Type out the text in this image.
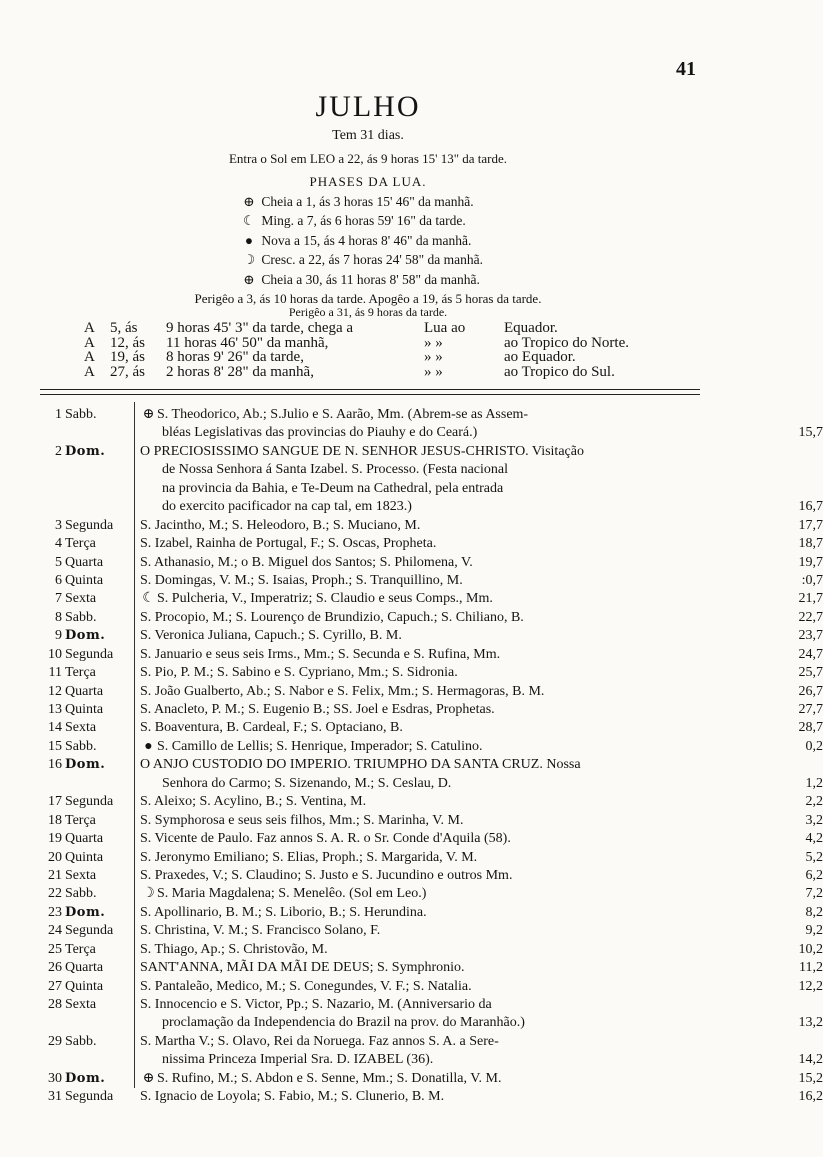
41
JULHO
Tem 31 dias.
Entra o Sol em LEO a 22, ás 9 horas 15' 13" da tarde.
PHASES DA LUA.
⊕ Cheia a 1, ás 3 horas 15' 46" da manhã.
☾ Ming. a 7, ás 6 horas 59' 16" da tarde.
● Nova a 15, ás 4 horas 8' 46" da manhã.
☽ Cresc. a 22, ás 7 horas 24' 58" da manhã.
⊕ Cheia a 30, ás 11 horas 8' 58" da manhã.
Perigêo a 3, ás 10 horas da tarde. Apogêo a 19, ás 5 horas da tarde.
Perigêo a 31, ás 9 horas da tarde.
A 5, ás 9 horas 45' 3" da tarde, chega a	Lua ao	Equador.
A 12, ás 11 horas 46' 50" da manhã,	» »	ao Tropico do Norte.
A 19, ás 8 horas 9' 26" da tarde,	» »	ao Equador.
A 27, ás 2 horas 8' 28" da manhã,	» »	ao Tropico do Sul.
1 Sabb.	⊕ S. Theodorico, Ab.; S.Julio e S. Aarão, Mm. (Abrem-se as Assem-
bléas Legislativas das provincias do Piauhy e do Ceará.)	15,7
2 Dom. O PRECIOSISSIMO SANGUE DE N. SENHOR JESUS-CHRISTO. Visitação
de Nossa Senhora á Santa Izabel. S. Processo. (Festa nacional
na provincia da Bahia, e Te-Deum na Cathedral, pela entrada
do exercito pacificador na cap tal, em 1823.)	16,7
3 Segunda S. Jacintho, M.; S. Heleodoro, B.; S. Muciano, M.	17,7
4 Terça	S. Izabel, Rainha de Portugal, F.; S. Oscas, Propheta.	18,7
5 Quarta	S. Athanasio, M.; o B. Miguel dos Santos; S. Philomena, V.	19,7
6 Quinta	S. Domingas, V. M.; S. Isaias, Proph.; S. Tranquillino, M.	:0,7
7 Sexta	☾ S. Pulcheria, V., Imperatriz; S. Claudio e seus Comps., Mm.	21,7
8 Sabb.	S. Procopio, M.; S. Lourenço de Brundizio, Capuch.; S. Chiliano, B.	22,7
9 Dom. S. Veronica Juliana, Capuch.; S. Cyrillo, B. M.	23,7
10 Segunda S. Januario e seus seis Irms., Mm.; S. Secunda e S. Rufina, Mm.	24,7
11 Terça	S. Pio, P. M.; S. Sabino e S. Cypriano, Mm.; S. Sidronia.	25,7
12 Quarta	S. João Gualberto, Ab.; S. Nabor e S. Felix, Mm.; S. Hermagoras, B. M.	26,7
13 Quinta	S. Anacleto, P. M.; S. Eugenio B.; SS. Joel e Esdras, Prophetas.	27,7
14 Sexta	S. Boaventura, B. Cardeal, F.; S. Optaciano, B.	28,7
15 Sabb.	● S. Camillo de Lellis; S. Henrique, Imperador; S. Catulino.	0,2
16 Dom. O ANJO CUSTODIO DO IMPERIO. TRIUMPHO DA SANTA CRUZ. Nossa
Senhora do Carmo; S. Sizenando, M.; S. Ceslau, D.	1,2
17 Segunda S. Aleixo; S. Acylino, B.; S. Ventina, M.	2,2
18 Terça	S. Symphorosa e seus seis filhos, Mm.; S. Marinha, V. M.	3,2
19 Quarta	S. Vicente de Paulo. Faz annos S. A. R. o Sr. Conde d'Aquila (58).	4,2
20 Quinta	S. Jeronymo Emiliano; S. Elias, Proph.; S. Margarida, V. M.	5,2
21 Sexta	S. Praxedes, V.; S. Claudino; S. Justo e S. Jucundino e outros Mm.	6,2
22 Sabb.	☽ S. Maria Magdalena; S. Menelêo. (Sol em Leo.)	7,2
23 Dom. S. Apollinario, B. M.; S. Liborio, B.; S. Herundina.	8,2
24 Segunda S. Christina, V. M.; S. Francisco Solano, F.	9,2
25 Terça	S. Thiago, Ap.; S. Christovão, M.	10,2
26 Quarta	SANT'ANNA, MÃI DA MÃI DE DEUS; S. Symphronio.	11,2
27 Quinta	S. Pantaleão, Medico, M.; S. Conegundes, V. F.; S. Natalia.	12,2
28 Sexta	S. Innocencio e S. Victor, Pp.; S. Nazario, M. (Anniversario da
proclamação da Independencia do Brazil na prov. do Maranhão.)	13,2
29 Sabb.	S. Martha V.; S. Olavo, Rei da Noruega. Faz annos S. A. a Sere-
nissima Princeza Imperial Sra. D. IZABEL (36).	14,2
30 Dom.	⊕ S. Rufino, M.; S. Abdon e S. Senne, Mm.; S. Donatilla, V. M.	15,2
31 Segunda S. Ignacio de Loyola; S. Fabio, M.; S. Clunerio, B. M.	16,2
